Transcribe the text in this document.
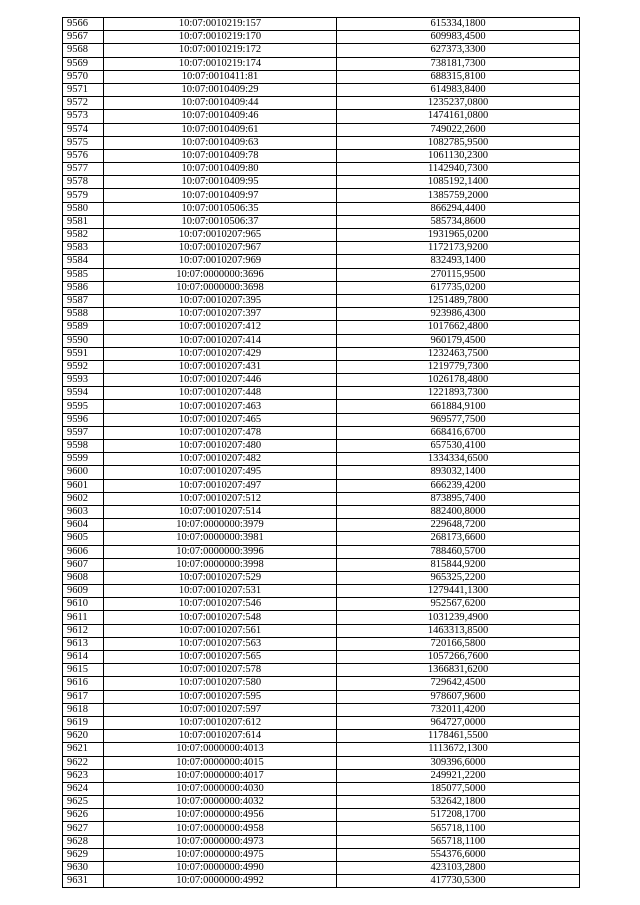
9566	10:07:0010219:157	615334,1800
9567	10:07:0010219:170	609983,4500
9568	10:07:0010219:172	627373,3300
9569	10:07:0010219:174	738181,7300
9570	10:07:0010411:81	688315,8100
9571	10:07:0010409:29	614983,8400
9572	10:07:0010409:44	1235237,0800
9573	10:07:0010409:46	1474161,0800
9574	10:07:0010409:61	749022,2600
9575	10:07:0010409:63	1082785,9500
9576	10:07:0010409:78	1061130,2300
9577	10:07:0010409:80	1142940,7300
9578	10:07:0010409:95	1085192,1400
9579	10:07:0010409:97	1385759,2000
9580	10:07:0010506:35	866294,4400
9581	10:07:0010506:37	585734,8600
9582	10:07:0010207:965	1931965,0200
9583	10:07:0010207:967	1172173,9200
9584	10:07:0010207:969	832493,1400
9585	10:07:0000000:3696	270115,9500
9586	10:07:0000000:3698	617735,0200
9587	10:07:0010207:395	1251489,7800
9588	10:07:0010207:397	923986,4300
9589	10:07:0010207:412	1017662,4800
9590	10:07:0010207:414	960179,4500
9591	10:07:0010207:429	1232463,7500
9592	10:07:0010207:431	1219779,7300
9593	10:07:0010207:446	1026178,4800
9594	10:07:0010207:448	1221893,7300
9595	10:07:0010207:463	661884,9100
9596	10:07:0010207:465	969577,7500
9597	10:07:0010207:478	668416,6700
9598	10:07:0010207:480	657530,4100
9599	10:07:0010207:482	1334334,6500
9600	10:07:0010207:495	893032,1400
9601	10:07:0010207:497	666239,4200
9602	10:07:0010207:512	873895,7400
9603	10:07:0010207:514	882400,8000
9604	10:07:0000000:3979	229648,7200
9605	10:07:0000000:3981	268173,6600
9606	10:07:0000000:3996	788460,5700
9607	10:07:0000000:3998	815844,9200
9608	10:07:0010207:529	965325,2200
9609	10:07:0010207:531	1279441,1300
9610	10:07:0010207:546	952567,6200
9611	10:07:0010207:548	1031239,4900
9612	10:07:0010207:561	1463313,8500
9613	10:07:0010207:563	720166,5800
9614	10:07:0010207:565	1057266,7600
9615	10:07:0010207:578	1366831,6200
9616	10:07:0010207:580	729642,4500
9617	10:07:0010207:595	978607,9600
9618	10:07:0010207:597	732011,4200
9619	10:07:0010207:612	964727,0000
9620	10:07:0010207:614	1178461,5500
9621	10:07:0000000:4013	1113672,1300
9622	10:07:0000000:4015	309396,6000
9623	10:07:0000000:4017	249921,2200
9624	10:07:0000000:4030	185077,5000
9625	10:07:0000000:4032	532642,1800
9626	10:07:0000000:4956	517208,1700
9627	10:07:0000000:4958	565718,1100
9628	10:07:0000000:4973	565718,1100
9629	10:07:0000000:4975	554376,6000
9630	10:07:0000000:4990	423103,2800
9631	10:07:0000000:4992	417730,5300
